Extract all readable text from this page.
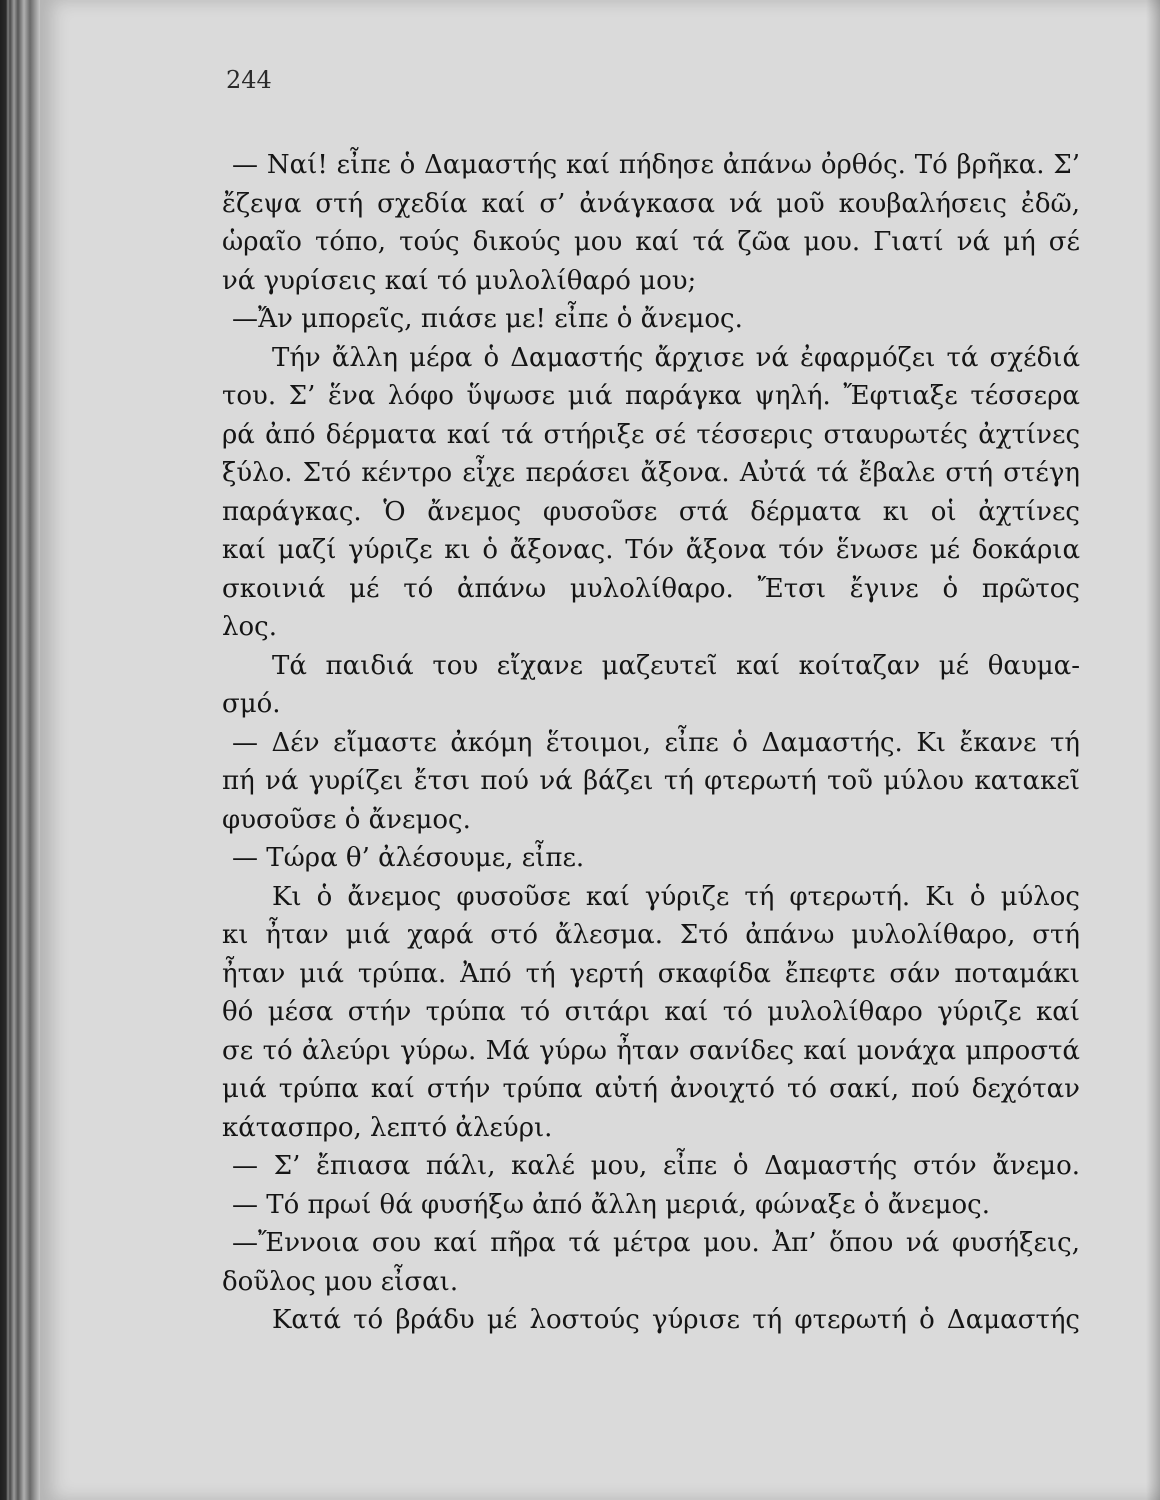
244
— Ναί! εἶπε ὁ Δαμαστής καί πήδησε ἀπάνω ὀρθός. Τό βρῆκα. Σ’
ἔζεψα στή σχεδία καί σ’ ἀνάγκασα νά μοῦ κουβαλήσεις ἐδῶ,
ὡραῖο τόπο, τούς δικούς μου καί τά ζῶα μου. Γιατί νά μή σέ
νά γυρίσεις καί τό μυλολίθαρό μου;
—Ἄν μπορεῖς, πιάσε με! εἶπε ὁ ἄνεμος.
Τήν ἄλλη μέρα ὁ Δαμαστής ἄρχισε νά ἐφαρμόζει τά σχέδιά
του. Σ’ ἕνα λόφο ὕψωσε μιά παράγκα ψηλή. Ἔφτιαξε τέσσερα
ρά ἀπό δέρματα καί τά στήριξε σέ τέσσερις σταυρωτές ἀχτίνες
ξύλο. Στό κέντρο εἶχε περάσει ἄξονα. Αὐτά τά ἔβαλε στή στέγη
παράγκας. Ὁ ἄνεμος φυσοῦσε στά δέρματα κι οἱ ἀχτίνες
καί μαζί γύριζε κι ὁ ἄξονας. Τόν ἄξονα τόν ἕνωσε μέ δοκάρια
σκοινιά μέ τό ἀπάνω μυλολίθαρο. Ἔτσι ἔγινε ὁ πρῶτος
λος.
Τά παιδιά του εἴχανε μαζευτεῖ καί κοίταζαν μέ θαυμα-
σμό.
— Δέν εἴμαστε ἀκόμη ἕτοιμοι, εἶπε ὁ Δαμαστής. Κι ἔκανε τή
πή νά γυρίζει ἔτσι πού νά βάζει τή φτερωτή τοῦ μύλου κατακεῖ
φυσοῦσε ὁ ἄνεμος.
— Τώρα θ’ ἀλέσουμε, εἶπε.
Κι ὁ ἄνεμος φυσοῦσε καί γύριζε τή φτερωτή. Κι ὁ μύλος
κι ἦταν μιά χαρά στό ἄλεσμα. Στό ἀπάνω μυλολίθαρο, στή
ἦταν μιά τρύπα. Ἀπό τή γερτή σκαφίδα ἔπεφτε σάν ποταμάκι
θό μέσα στήν τρύπα τό σιτάρι καί τό μυλολίθαρο γύριζε καί
σε τό ἀλεύρι γύρω. Μά γύρω ἦταν σανίδες καί μονάχα μπροστά
μιά τρύπα καί στήν τρύπα αὐτή ἀνοιχτό τό σακί, πού δεχόταν
κάτασπρο, λεπτό ἀλεύρι.
— Σ’ ἔπιασα πάλι, καλέ μου, εἶπε ὁ Δαμαστής στόν ἄνεμο.
— Τό πρωί θά φυσήξω ἀπό ἄλλη μεριά, φώναξε ὁ ἄνεμος.
—Ἔννοια σου καί πῆρα τά μέτρα μου. Ἀπ’ ὅπου νά φυσήξεις,
δοῦλος μου εἶσαι.
Κατά τό βράδυ μέ λοστούς γύρισε τή φτερωτή ὁ Δαμαστής
